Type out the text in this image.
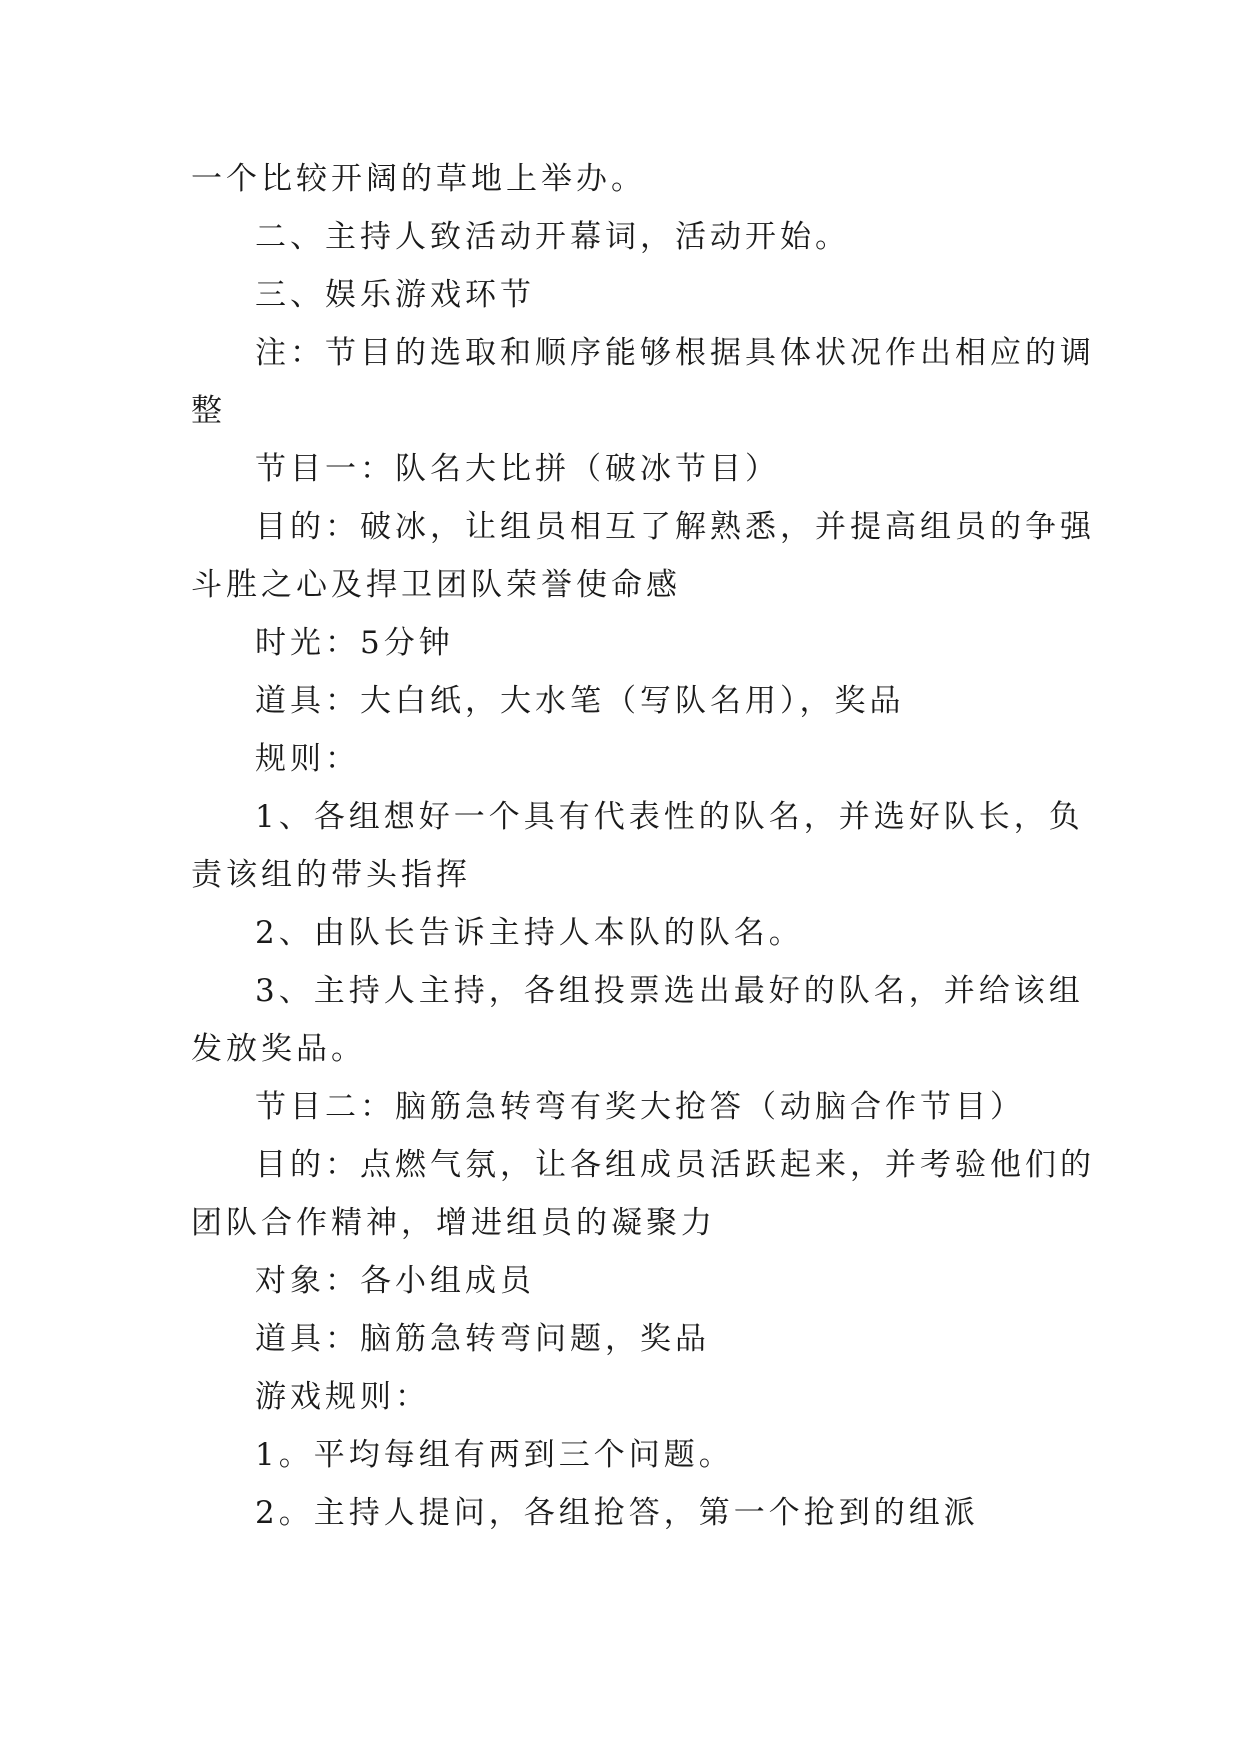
一个比较开阔的草地上举办。

二、主持人致活动开幕词，活动开始。

三、娱乐游戏环节

注：节目的选取和顺序能够根据具体状况作出相应的调

整

节目一：队名大比拼（破冰节目）

目的：破冰，让组员相互了解熟悉，并提高组员的争强

斗胜之心及捍卫团队荣誉使命感

时光：5分钟

道具：大白纸，大水笔（写队名用），奖品

规则：

1、各组想好一个具有代表性的队名，并选好队长，负

责该组的带头指挥

2、由队长告诉主持人本队的队名。

3、主持人主持，各组投票选出最好的队名，并给该组

发放奖品。

节目二：脑筋急转弯有奖大抢答（动脑合作节目）

目的：点燃气氛，让各组成员活跃起来，并考验他们的

团队合作精神，增进组员的凝聚力

对象：各小组成员

道具：脑筋急转弯问题，奖品

游戏规则：

1。平均每组有两到三个问题。

2。主持人提问，各组抢答，第一个抢到的组派
